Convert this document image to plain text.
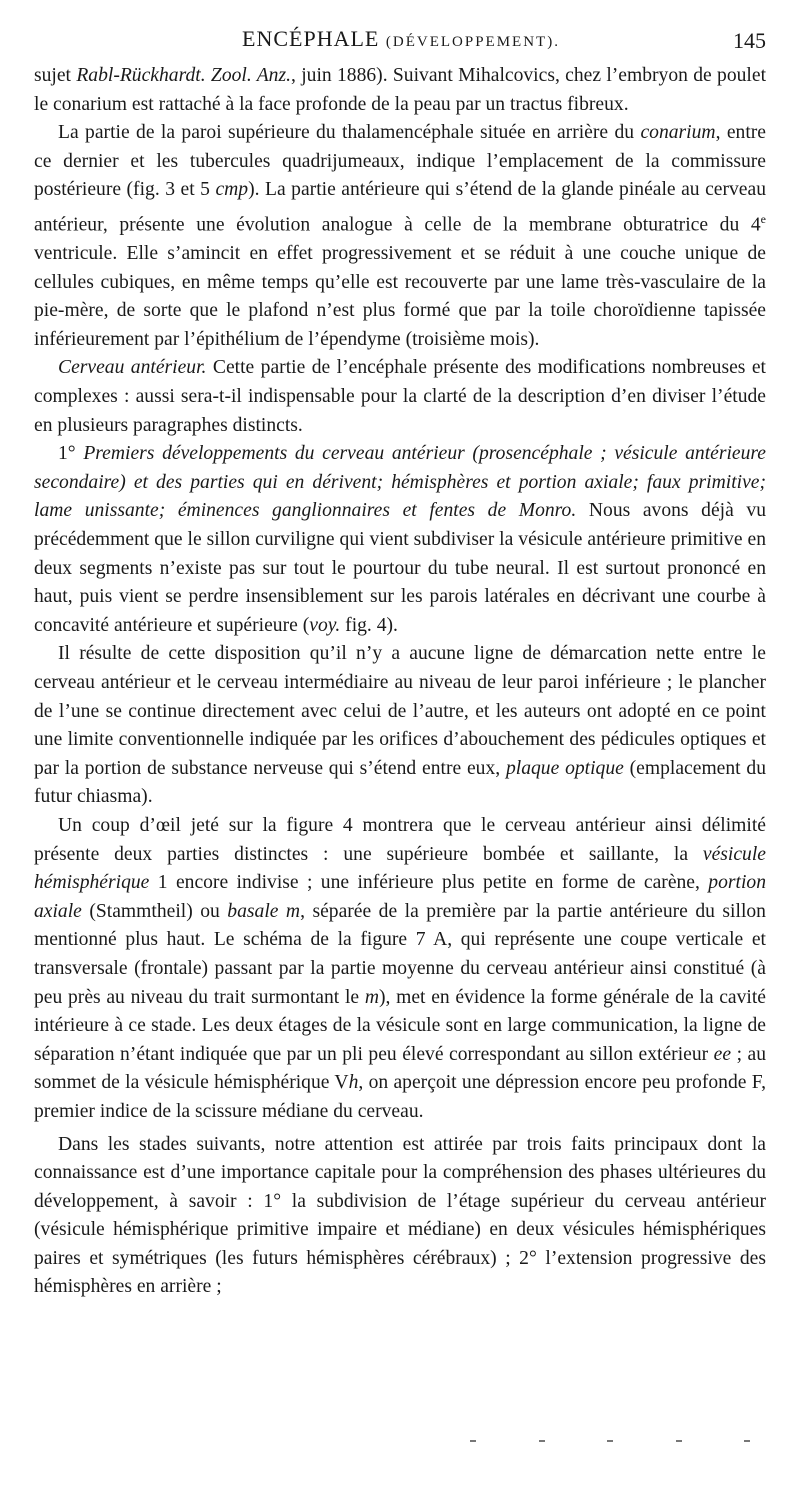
ENCÉPHALE (DÉVELOPPEMENT).	145

sujet Rabl-Rückhardt. Zool. Anz., juin 1886). Suivant Mihalcovics, chez l’embryon de poulet le conarium est rattaché à la face profonde de la peau par un tractus fibreux.

La partie de la paroi supérieure du thalamencéphale située en arrière du conarium, entre ce dernier et les tubercules quadrijumeaux, indique l’emplacement de la commissure postérieure (fig. 3 et 5 cmp). La partie antérieure qui s’étend de la glande pinéale au cerveau antérieur, présente une évolution analogue à celle de la membrane obturatrice du 4e ventricule. Elle s’amincit en effet progressivement et se réduit à une couche unique de cellules cubiques, en même temps qu’elle est recouverte par une lame très-vasculaire de la pie-mère, de sorte que le plafond n’est plus formé que par la toile choroïdienne tapissée inférieurement par l’épithélium de l’épendyme (troisième mois).

Cerveau antérieur. Cette partie de l’encéphale présente des modifications nombreuses et complexes : aussi sera-t-il indispensable pour la clarté de la description d’en diviser l’étude en plusieurs paragraphes distincts.

1° Premiers développements du cerveau antérieur (prosencéphale ; vésicule antérieure secondaire) et des parties qui en dérivent; hémisphères et portion axiale; faux primitive; lame unissante; éminences ganglionnaires et fentes de Monro. Nous avons déjà vu précédemment que le sillon curviligne qui vient subdiviser la vésicule antérieure primitive en deux segments n’existe pas sur tout le pourtour du tube neural. Il est surtout prononcé en haut, puis vient se perdre insensiblement sur les parois latérales en décrivant une courbe à concavité antérieure et supérieure (voy. fig. 4).

Il résulte de cette disposition qu’il n’y a aucune ligne de démarcation nette entre le cerveau antérieur et le cerveau intermédiaire au niveau de leur paroi inférieure ; le plancher de l’une se continue directement avec celui de l’autre, et les auteurs ont adopté en ce point une limite conventionnelle indiquée par les orifices d’abouchement des pédicules optiques et par la portion de substance nerveuse qui s’étend entre eux, plaque optique (emplacement du futur chiasma).

Un coup d’œil jeté sur la figure 4 montrera que le cerveau antérieur ainsi délimité présente deux parties distinctes : une supérieure bombée et saillante, la vésicule hémisphérique 1 encore indivise ; une inférieure plus petite en forme de carène, portion axiale (Stammtheil) ou basale m, séparée de la première par la partie antérieure du sillon mentionné plus haut. Le schéma de la figure 7 A, qui représente une coupe verticale et transversale (frontale) passant par la partie moyenne du cerveau antérieur ainsi constitué (à peu près au niveau du trait surmontant le m), met en évidence la forme générale de la cavité intérieure à ce stade. Les deux étages de la vésicule sont en large communication, la ligne de séparation n’étant indiquée que par un pli peu élevé correspondant au sillon extérieur ee ; au sommet de la vésicule hémisphérique Vh, on aperçoit une dépression encore peu profonde F, premier indice de la scissure médiane du cerveau.

Dans les stades suivants, notre attention est attirée par trois faits principaux dont la connaissance est d’une importance capitale pour la compréhension des phases ultérieures du développement, à savoir : 1° la subdivision de l’étage supérieur du cerveau antérieur (vésicule hémisphérique primitive impaire et médiane) en deux vésicules hémisphériques paires et symétriques (les futurs hémisphères cérébraux) ; 2° l’extension progressive des hémisphères en arrière ;
